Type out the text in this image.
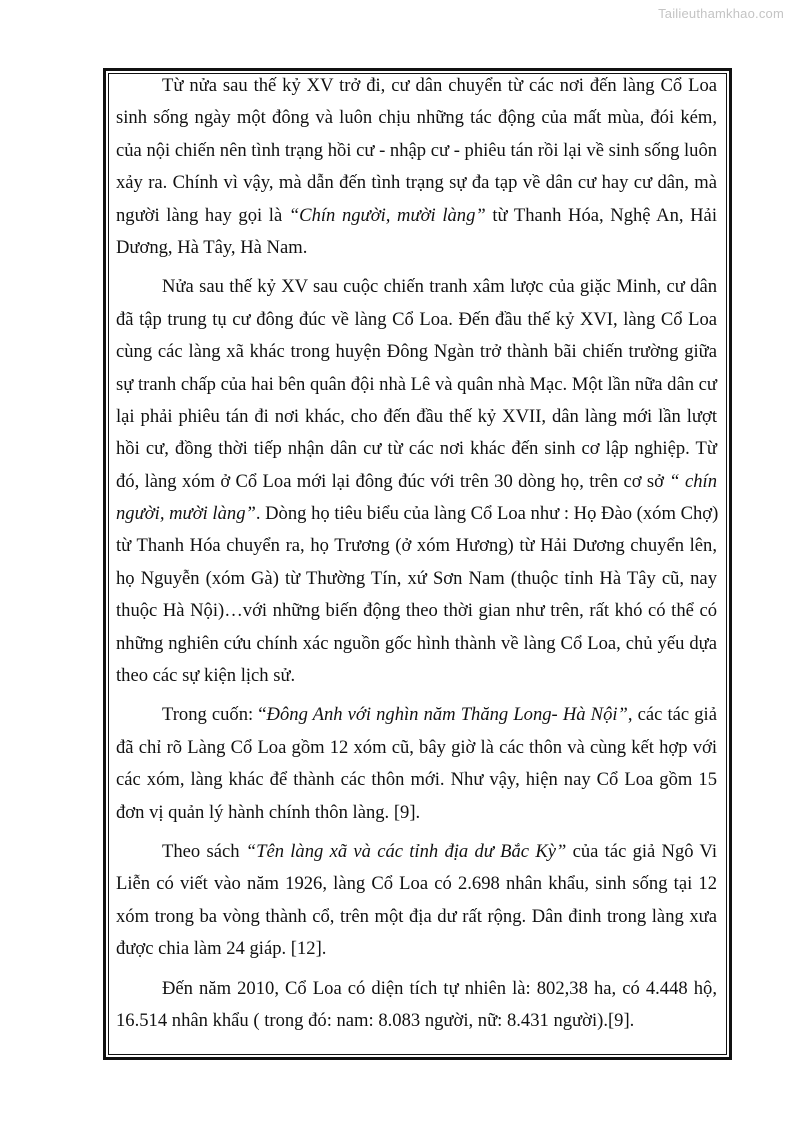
Tailieuthamkhao.com
Từ nửa sau thế kỷ XV trở đi, cư dân chuyển từ các nơi đến làng Cổ Loa
sinh sống ngày một đông và luôn chịu những tác động của mất mùa, đói kém,
của nội chiến nên tình trạng hồi cư - nhập cư - phiêu tán rồi lại về sinh sống luôn
xảy ra. Chính vì vậy, mà dẫn đến tình trạng sự đa tạp về dân cư hay cư dân, mà
người làng hay gọi là “Chín người, mười làng” từ Thanh Hóa, Nghệ An, Hải
Dương, Hà Tây, Hà Nam.
Nửa sau thế kỷ XV sau cuộc chiến tranh xâm lược của giặc Minh, cư dân
đã tập trung tụ cư đông đúc về làng Cổ Loa. Đến đầu thế kỷ XVI, làng Cổ Loa
cùng các làng xã khác trong huyện Đông Ngàn trở thành bãi chiến trường giữa
sự tranh chấp của hai bên quân đội nhà Lê và quân nhà Mạc. Một lần nữa dân cư
lại phải phiêu tán đi nơi khác, cho đến đầu thế kỷ XVII, dân làng mới lần lượt
hồi cư, đồng thời tiếp nhận dân cư từ các nơi khác đến sinh cơ lập nghiệp. Từ
đó, làng xóm ở Cổ Loa mới lại đông đúc với trên 30 dòng họ, trên cơ sở “ chín
người, mười làng”. Dòng họ tiêu biểu của làng Cổ Loa như : Họ Đào (xóm Chợ)
từ Thanh Hóa chuyển ra, họ Trương (ở xóm Hương) từ Hải Dương chuyển lên,
họ Nguyễn (xóm Gà) từ Thường Tín, xứ Sơn Nam (thuộc tỉnh Hà Tây cũ, nay
thuộc Hà Nội)…với những biến động theo thời gian như trên, rất khó có thể có
những nghiên cứu chính xác nguồn gốc hình thành về làng Cổ Loa, chủ yếu dựa
theo các sự kiện lịch sử.
Trong cuốn: “Đông Anh với nghìn năm Thăng Long- Hà Nội”, các tác giả
đã chỉ rõ Làng Cổ Loa gồm 12 xóm cũ, bây giờ là các thôn và cùng kết hợp với
các xóm, làng khác để thành các thôn mới. Như vậy, hiện nay Cổ Loa gồm 15
đơn vị quản lý hành chính thôn làng. [9].
Theo sách “Tên làng xã và các tỉnh địa dư Bắc Kỳ” của tác giả Ngô Vi
Liễn có viết vào năm 1926, làng Cổ Loa có 2.698 nhân khẩu, sinh sống tại 12
xóm trong ba vòng thành cổ, trên một địa dư rất rộng. Dân đinh trong làng xưa
được chia làm 24 giáp. [12].
Đến năm 2010, Cổ Loa có diện tích tự nhiên là: 802,38 ha, có 4.448 hộ,
16.514 nhân khẩu ( trong đó: nam: 8.083 người, nữ: 8.431 người).[9].
